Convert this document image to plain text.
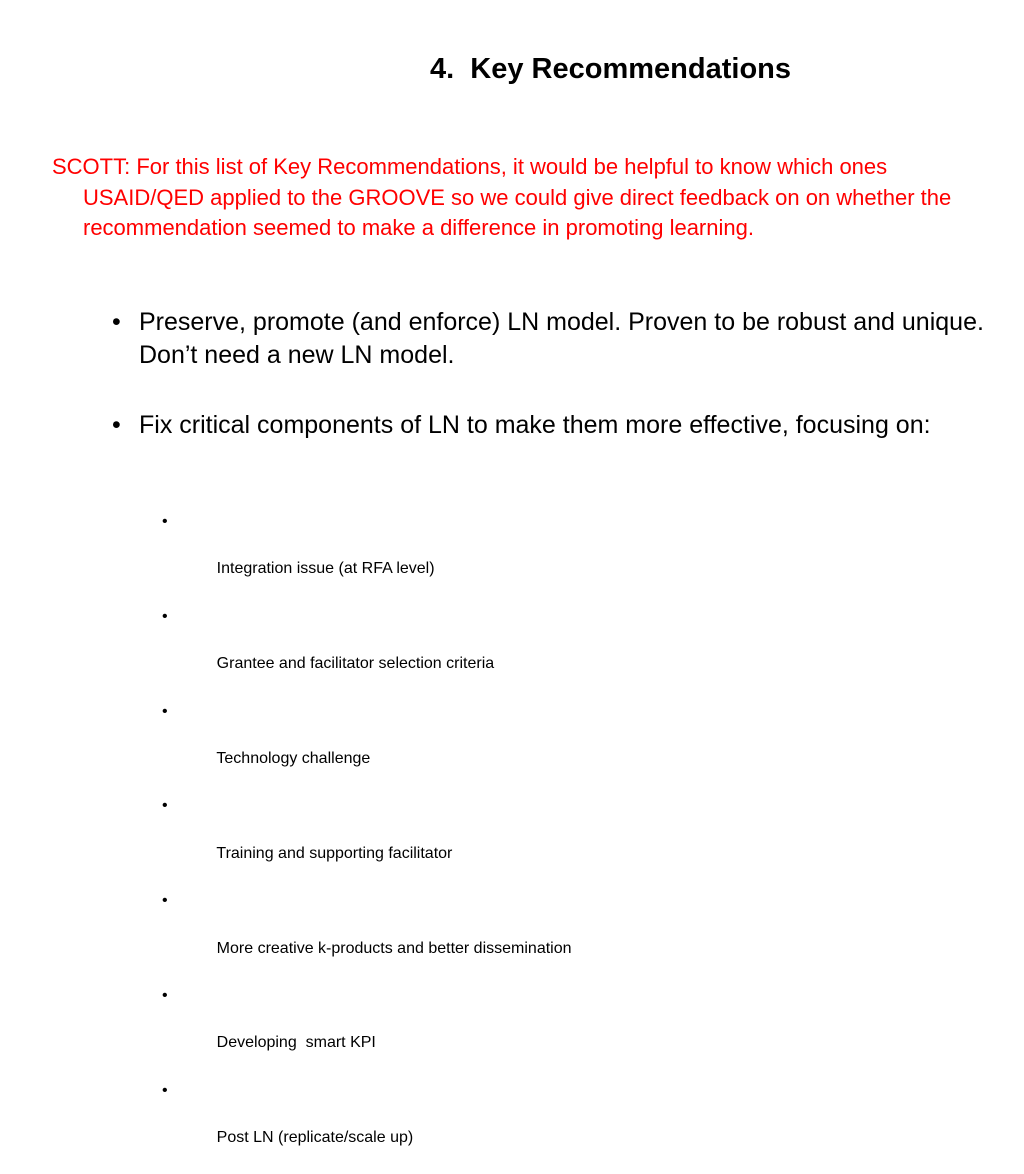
4.  Key Recommendations
SCOTT: For this list of Key Recommendations, it would be helpful to know which ones USAID/QED applied to the GROOVE so we could give direct feedback on on whether the recommendation seemed to make a difference in promoting learning.
• Preserve, promote (and enforce) LN model. Proven to be robust and unique. Don’t need a new LN model.
• Fix critical components of LN to make them more effective, focusing on:

•

Integration issue (at RFA level)

•

Grantee and facilitator selection criteria

•

Technology challenge

•

Training and supporting facilitator

•

More creative k-products and better dissemination

•

Developing  smart KPI

•

Post LN (replicate/scale up)
